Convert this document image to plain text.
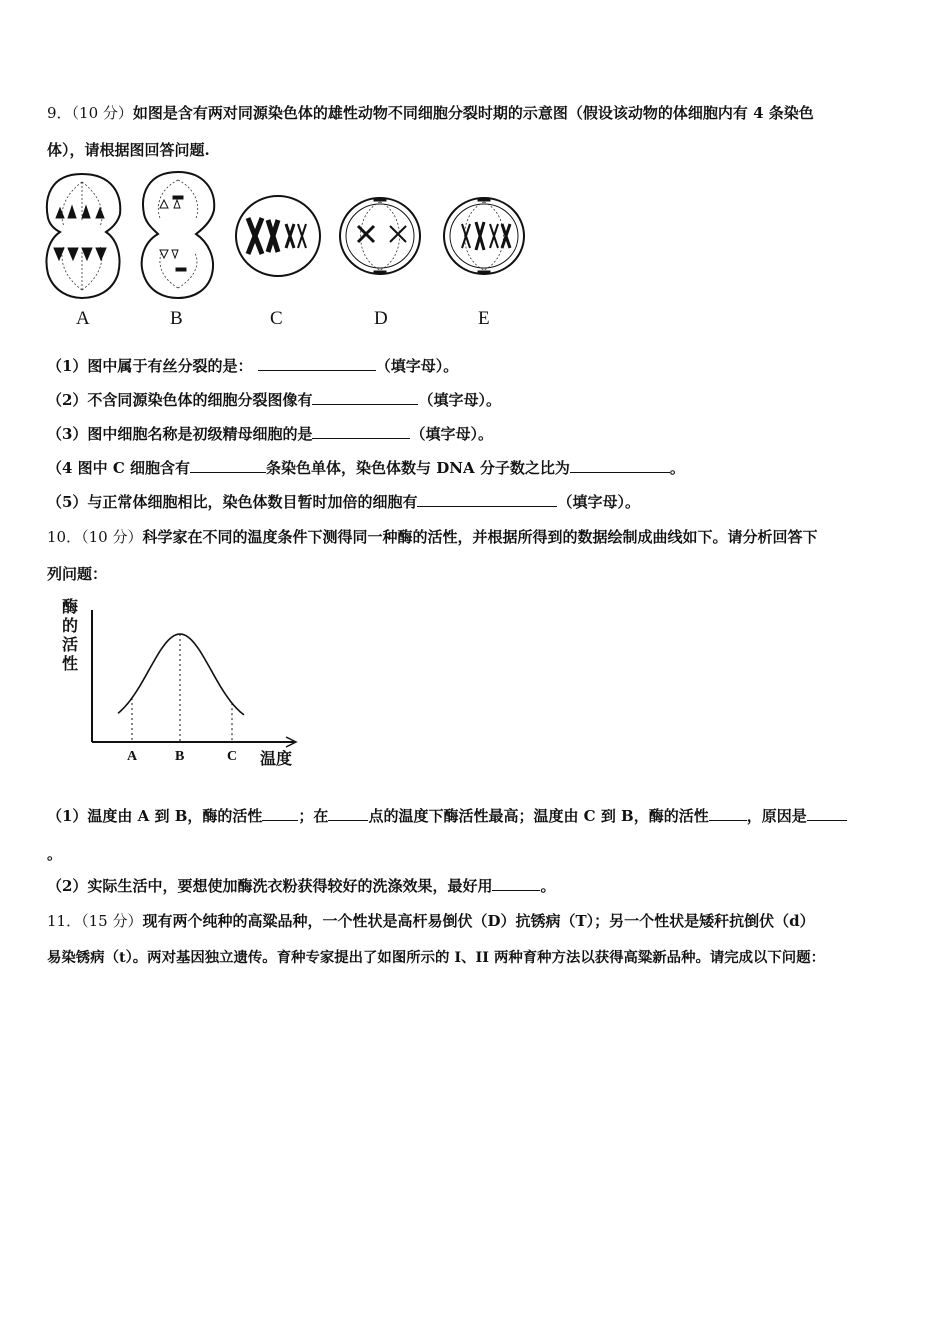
9．（10 分）如图是含有两对同源染色体的雄性动物不同细胞分裂时期的示意图（假设该动物的体细胞内有 4 条染色
体），请根据图回答问题.
A	B	C	D	E
（1）图中属于有丝分裂的是：	（填字母）。
（2）不含同源染色体的细胞分裂图像有	（填字母）。
（3）图中细胞名称是初级精母细胞的是	（填字母）。
（4 图中 C 细胞含有	条染色单体，染色体数与 DNA 分子数之比为	。
（5）与正常体细胞相比，染色体数目暂时加倍的细胞有	（填字母）。
10．（10 分）科学家在不同的温度条件下测得同一种酶的活性，并根据所得到的数据绘制成曲线如下。请分析回答下
列问题：
A	B	C
酶的活性
温度
（1）温度由 A 到 B，酶的活性 ；在	点的温度下酶活性最高；温度由 C 到 B，酶的活性	，原因是
。
（2）实际生活中，要想使加酶洗衣粉获得较好的洗涤效果，最好用	。
11．（15 分）现有两个纯种的高粱品种，一个性状是高杆易倒伏（D）抗锈病（T）；另一个性状是矮秆抗倒伏（d）
易染锈病（t）。两对基因独立遗传。育种专家提出了如图所示的 I、II 两种育种方法以获得高粱新品种。请完成以下问题：
